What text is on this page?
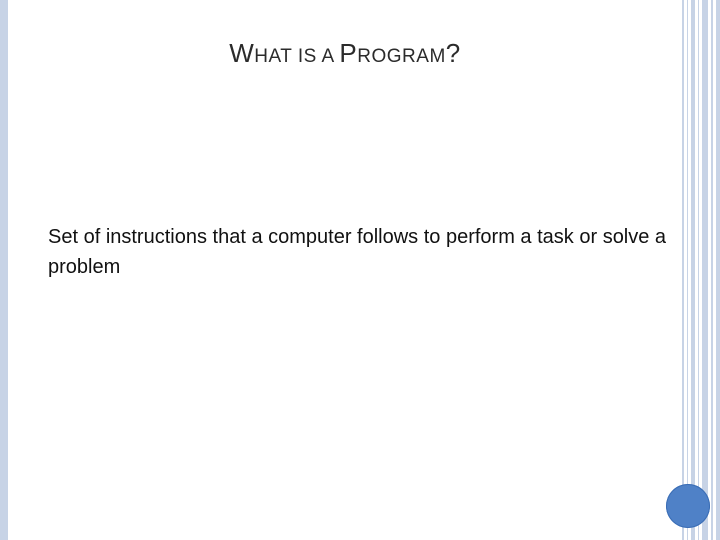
WHAT IS A PROGRAM?
Set of instructions that a computer follows to perform a task or solve a problem
